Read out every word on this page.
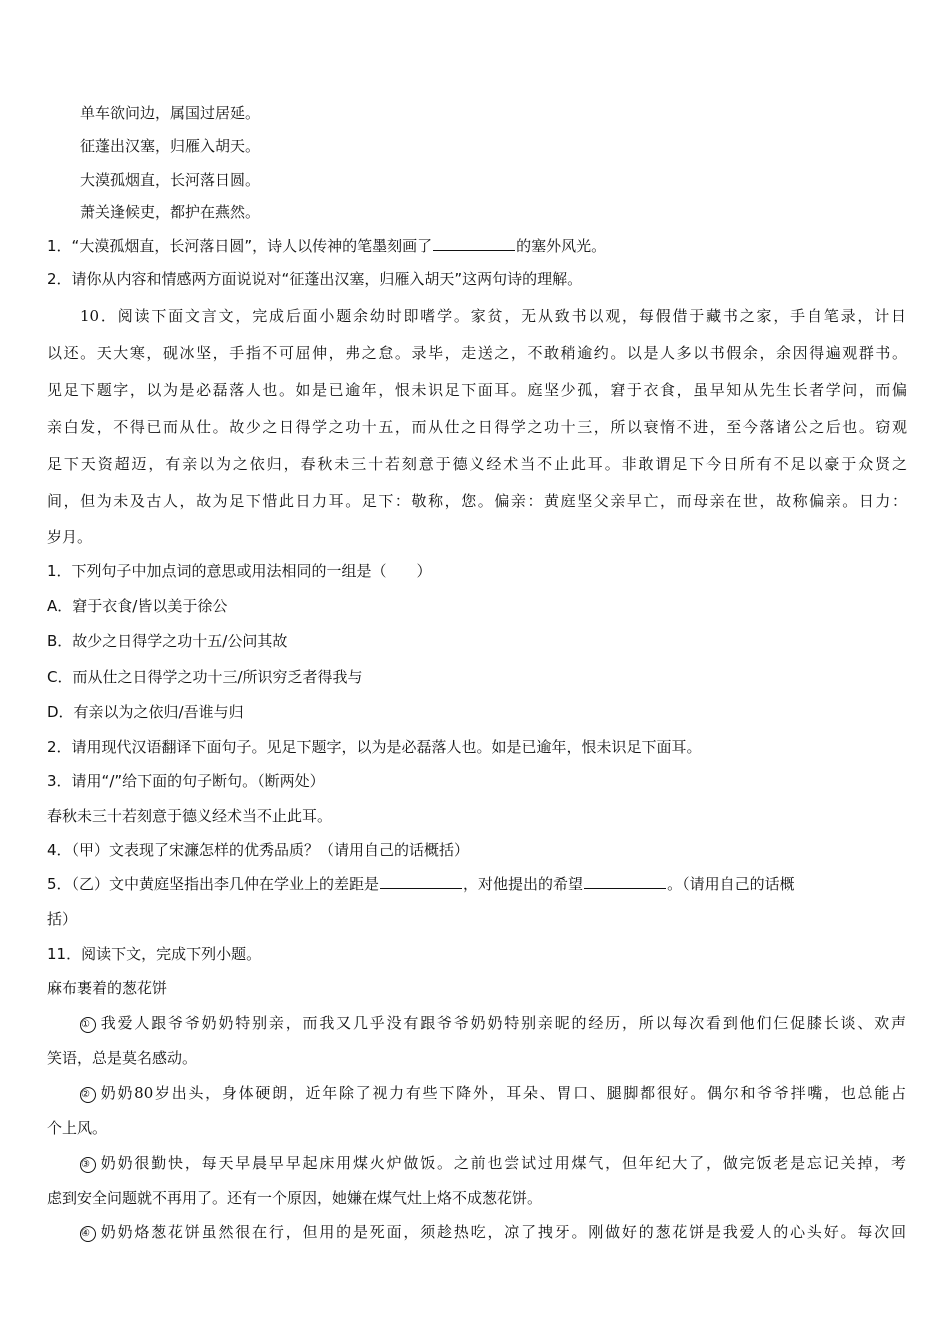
单车欲问边，属国过居延。
征蓬出汉塞，归雁入胡天。
大漠孤烟直，长河落日圆。
萧关逢候吏，都护在燕然。
1．“大漠孤烟直，长河落日圆”，诗人以传神的笔墨刻画了	的塞外风光。
2．请你从内容和情感两方面说说对“征蓬出汉塞，归雁入胡天”这两句诗的理解。
10．阅读下面文言文，完成后面小题余幼时即嗜学。家贫，无从致书以观，每假借于藏书之家，手自笔录，计日
以还。天大寒，砚冰坚，手指不可屈伸，弗之怠。录毕，走送之，不敢稍逾约。以是人多以书假余，余因得遍观群书。
见足下题字，以为是必磊落人也。如是已逾年，恨未识足下面耳。庭坚少孤，窘于衣食，虽早知从先生长者学问，而偏
亲白发，不得已而从仕。故少之日得学之功十五，而从仕之日得学之功十三，所以衰惰不进，至今落诸公之后也。窃观
足下天资超迈，有亲以为之依归，春秋未三十若刻意于德义经术当不止此耳。非敢谓足下今日所有不足以豪于众贤之
间，但为未及古人，故为足下惜此日力耳。足下：敬称，您。偏亲：黄庭坚父亲早亡，而母亲在世，故称偏亲。日力：
岁月。
1．下列句子中加点词的意思或用法相同的一组是（　　）
A．窘于衣食/皆以美于徐公
B．故少之日得学之功十五/公问其故
C．而从仕之日得学之功十三/所识穷乏者得我与
D．有亲以为之依归/吾谁与归
2．请用现代汉语翻译下面句子。见足下题字，以为是必磊落人也。如是已逾年，恨未识足下面耳。
3．请用“/”给下面的句子断句。（断两处）
春秋未三十若刻意于德义经术当不止此耳。
4．（甲）文表现了宋濂怎样的优秀品质？（请用自己的话概括）
5．（乙）文中黄庭坚指出李几仲在学业上的差距是	，对他提出的希望	。（请用自己的话概
括）
11．阅读下文，完成下列小题。
麻布裹着的葱花饼
① 我爱人跟爷爷奶奶特别亲，而我又几乎没有跟爷爷奶奶特别亲昵的经历，所以每次看到他们仨促膝长谈、欢声
笑语，总是莫名感动。
② 奶奶80岁出头，身体硬朗，近年除了视力有些下降外，耳朵、胃口、腿脚都很好。偶尔和爷爷拌嘴，也总能占
个上风。
③ 奶奶很勤快，每天早晨早早起床用煤火炉做饭。之前也尝试过用煤气，但年纪大了，做完饭老是忘记关掉，考
虑到安全问题就不再用了。还有一个原因，她嫌在煤气灶上烙不成葱花饼。
④ 奶奶烙葱花饼虽然很在行，但用的是死面，须趁热吃，凉了拽牙。刚做好的葱花饼是我爱人的心头好。每次回
